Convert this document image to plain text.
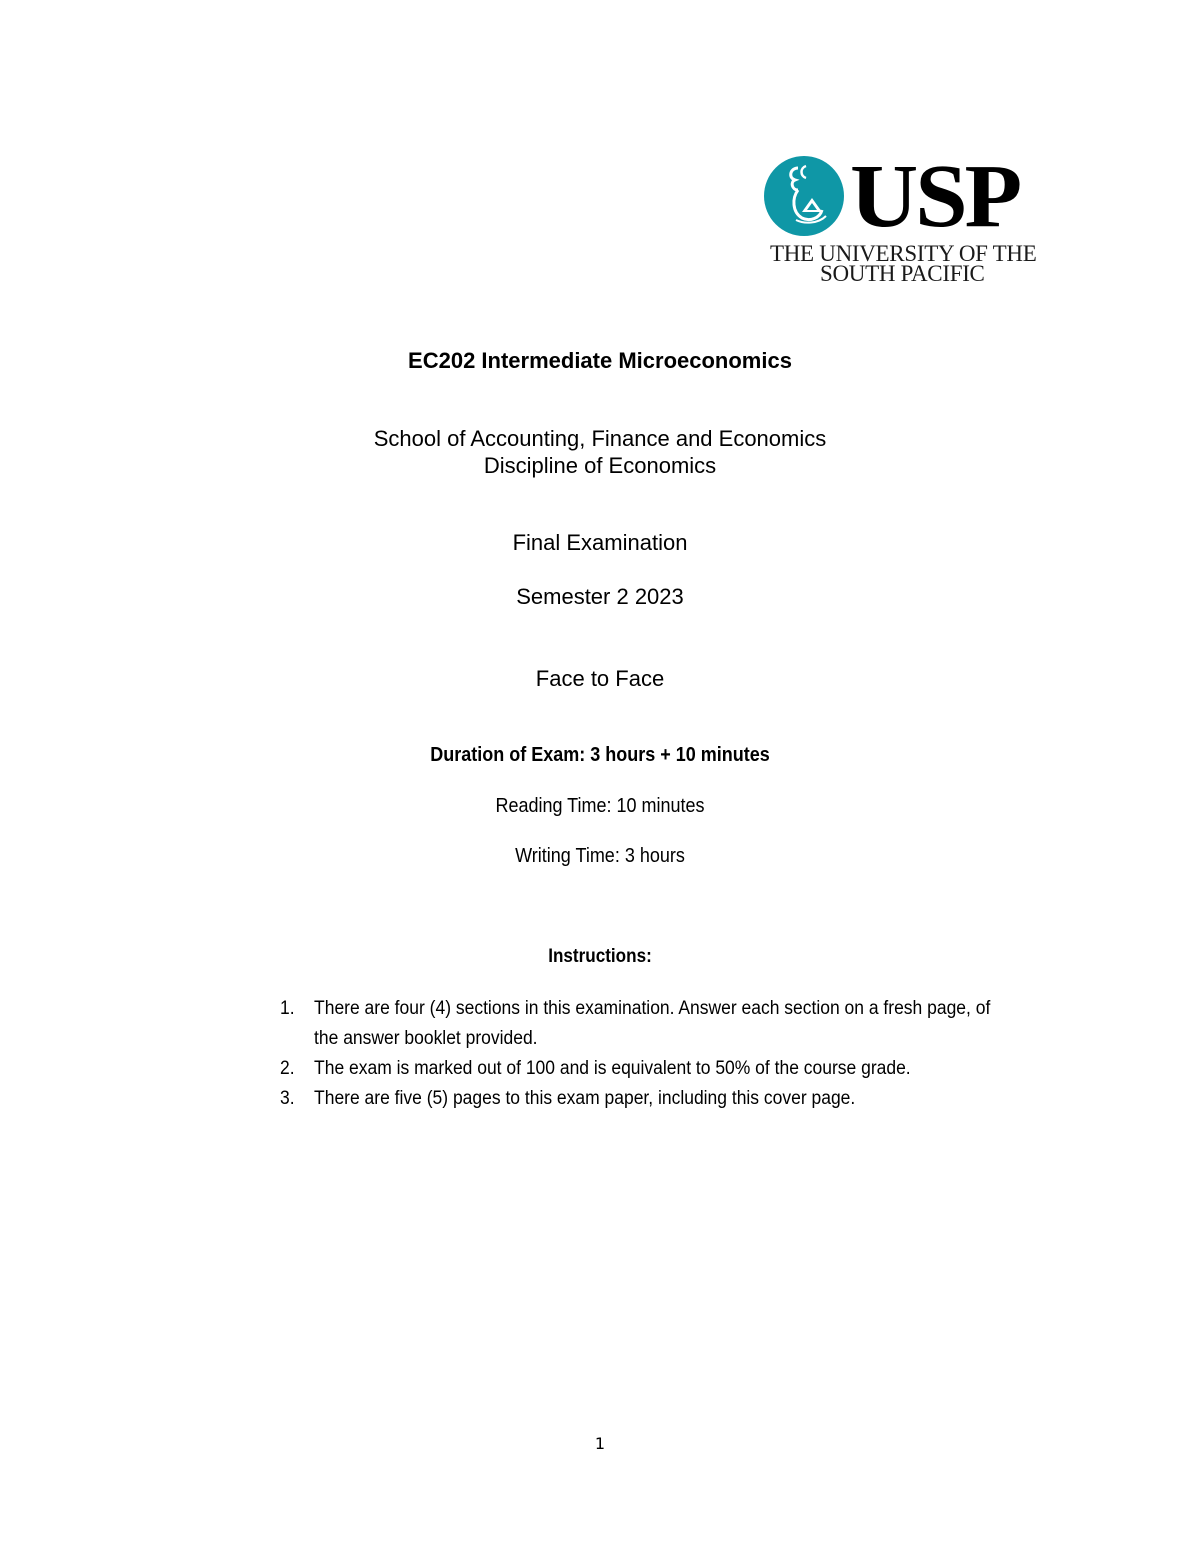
USP
THE UNIVERSITY OF THE
SOUTH PACIFIC
EC202 Intermediate Microeconomics
School of Accounting, Finance and Economics
Discipline of Economics
Final Examination
Semester 2 2023
Face to Face
Duration of Exam: 3 hours + 10 minutes
Reading Time: 10 minutes
Writing Time: 3 hours
Instructions:
1. There are four (4) sections in this examination. Answer each section on a fresh page, of the answer booklet provided.
2. The exam is marked out of 100 and is equivalent to 50% of the course grade.
3. There are five (5) pages to this exam paper, including this cover page.
1
